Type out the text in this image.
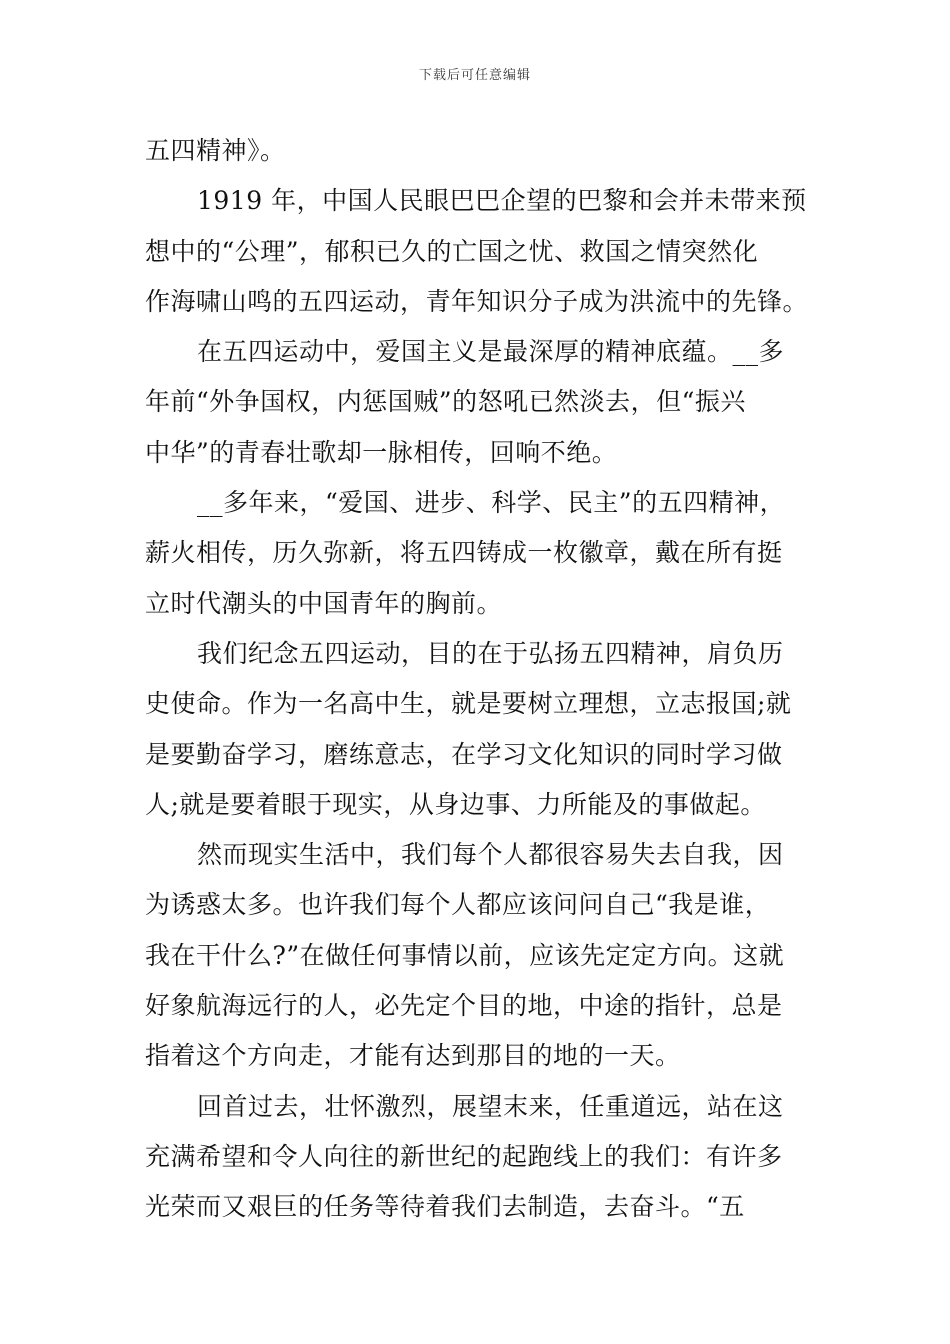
下载后可任意编辑
五四精神》。
1919 年，中国人民眼巴巴企望的巴黎和会并未带来预
想中的“公理”，郁积已久的亡国之忧、救国之情突然化
作海啸山鸣的五四运动，青年知识分子成为洪流中的先锋。
在五四运动中，爱国主义是最深厚的精神底蕴。__多
年前“外争国权，内惩国贼”的怒吼已然淡去，但“振兴
中华”的青春壮歌却一脉相传，回响不绝。
__多年来，“爱国、进步、科学、民主”的五四精神，
薪火相传，历久弥新，将五四铸成一枚徽章，戴在所有挺
立时代潮头的中国青年的胸前。
我们纪念五四运动，目的在于弘扬五四精神，肩负历
史使命。作为一名高中生，就是要树立理想，立志报国;就
是要勤奋学习，磨练意志，在学习文化知识的同时学习做
人;就是要着眼于现实，从身边事、力所能及的事做起。
然而现实生活中，我们每个人都很容易失去自我，因
为诱惑太多。也许我们每个人都应该问问自己“我是谁，
我在干什么?”在做任何事情以前，应该先定定方向。这就
好象航海远行的人，必先定个目的地，中途的指针，总是
指着这个方向走，才能有达到那目的地的一天。
回首过去，壮怀激烈，展望末来，任重道远，站在这
充满希望和令人向往的新世纪的起跑线上的我们：有许多
光荣而又艰巨的任务等待着我们去制造，去奋斗。“五
